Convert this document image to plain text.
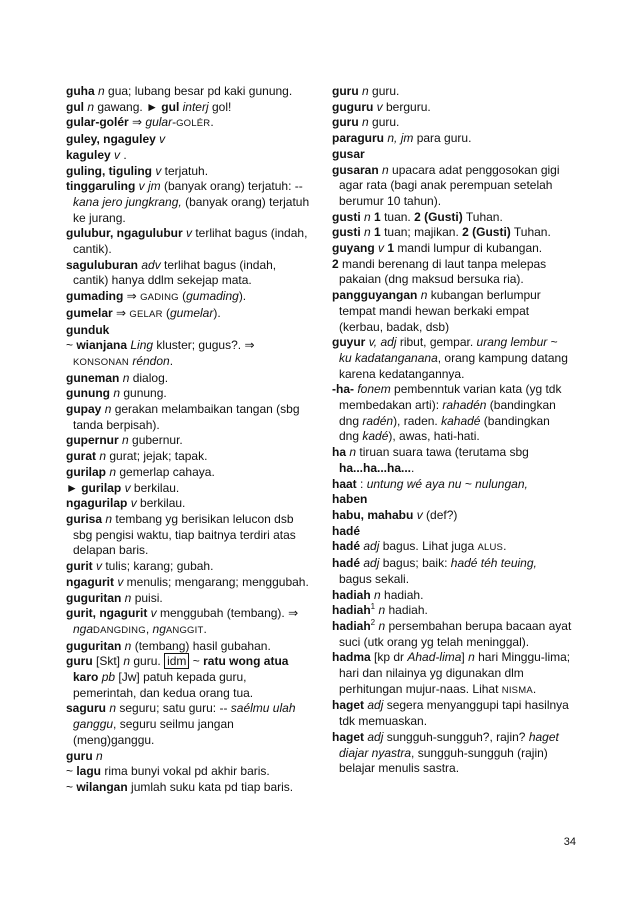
guha n gua; lubang besar pd kaki gunung.

gul n gawang. ► gul interj gol!

gular-golér ⇒ gular-GOLÉR.

guley, ngaguley v

kaguley v .

guling, tiguling v terjatuh.

tinggaruling v jm (banyak orang) terjatuh: -- kana jero jungkrang, (banyak orang) terjatuh ke jurang.

gulubur, ngagulubur v terlihat bagus (indah, cantik).

saguluburan adv terlihat bagus (indah, cantik) hanya ddlm sekejap mata.

gumading ⇒ GADING (gumading).

gumelar ⇒ GELAR (gumelar).

gunduk

~ wianjana Ling kluster; gugus?. ⇒ KONSONAN réndon.

guneman n dialog.

gunung n gunung.

gupay n gerakan melambaikan tangan (sbg tanda berpisah).

gupernur n gubernur.

gurat n gurat; jejak; tapak.

gurilap n gemerlap cahaya.

► gurilap v berkilau.

ngagurilap v berkilau.

gurisa n tembang yg berisikan lelucon dsb sbg pengisi waktu, tiap baitnya terdiri atas delapan baris.

gurit v tulis; karang; gubah.

ngagurit v menulis; mengarang; menggubah.

guguritan n puisi.

gurit, ngagurit v menggubah (tembang). ⇒ ngaDANGDING, ngANGGIT.

guguritan n (tembang) hasil gubahan.

guru [Skt] n guru. idm ~ ratu wong atua karo pb [Jw] patuh kepada guru, pemerintah, dan kedua orang tua.

saguru n seguru; satu guru: -- saélmu ulah ganggu, seguru seilmu jangan (meng)ganggu.

guru n

~ lagu rima bunyi vokal pd akhir baris.

~ wilangan jumlah suku kata pd tiap baris.

guru n guru.

guguru v berguru.

guru n guru.

paraguru n, jm para guru.

gusar

gusaran n upacara adat penggosokan gigi agar rata (bagi anak perempuan setelah berumur 10 tahun).

gusti n 1 tuan. 2 (Gusti) Tuhan.

gusti n 1 tuan; majikan. 2 (Gusti) Tuhan.

guyang v 1 mandi lumpur di kubangan.

2 mandi berenang di laut tanpa melepas pakaian (dng maksud bersuka ria).

pangguyangan n kubangan berlumpur tempat mandi hewan berkaki empat (kerbau, badak, dsb)

guyur v, adj ribut, gempar. urang lembur ~ ku kadatanganana, orang kampung datang karena kedatangannya.

-ha- fonem pembenntuk varian kata (yg tdk membedakan arti): rahadén (bandingkan dng radén), raden. kahadé (bandingkan dng kadé), awas, hati-hati.

ha n tiruan suara tawa (terutama sbg ha...ha...ha....

haat : untung wé aya nu ~ nulungan,

haben

habu, mahabu v (def?)

hadé

hadé adj bagus. Lihat juga ALUS.

hadé adj bagus; baik: hadé téh teuing, bagus sekali.

hadiah n hadiah.

hadiah$^1$ n hadiah.

hadiah$^2$ n persembahan berupa bacaan ayat suci (utk orang yg telah meninggal).

hadma [kp dr Ahad-lima] n hari Minggu-lima; hari dan nilainya yg digunakan dlm perhitungan mujur-naas. Lihat NISMA.

haget adj segera menyanggupi tapi hasilnya tdk memuaskan.

haget adj sungguh-sungguh?, rajin? haget diajar nyastra, sungguh-sungguh (rajin) belajar menulis sastra.

34
